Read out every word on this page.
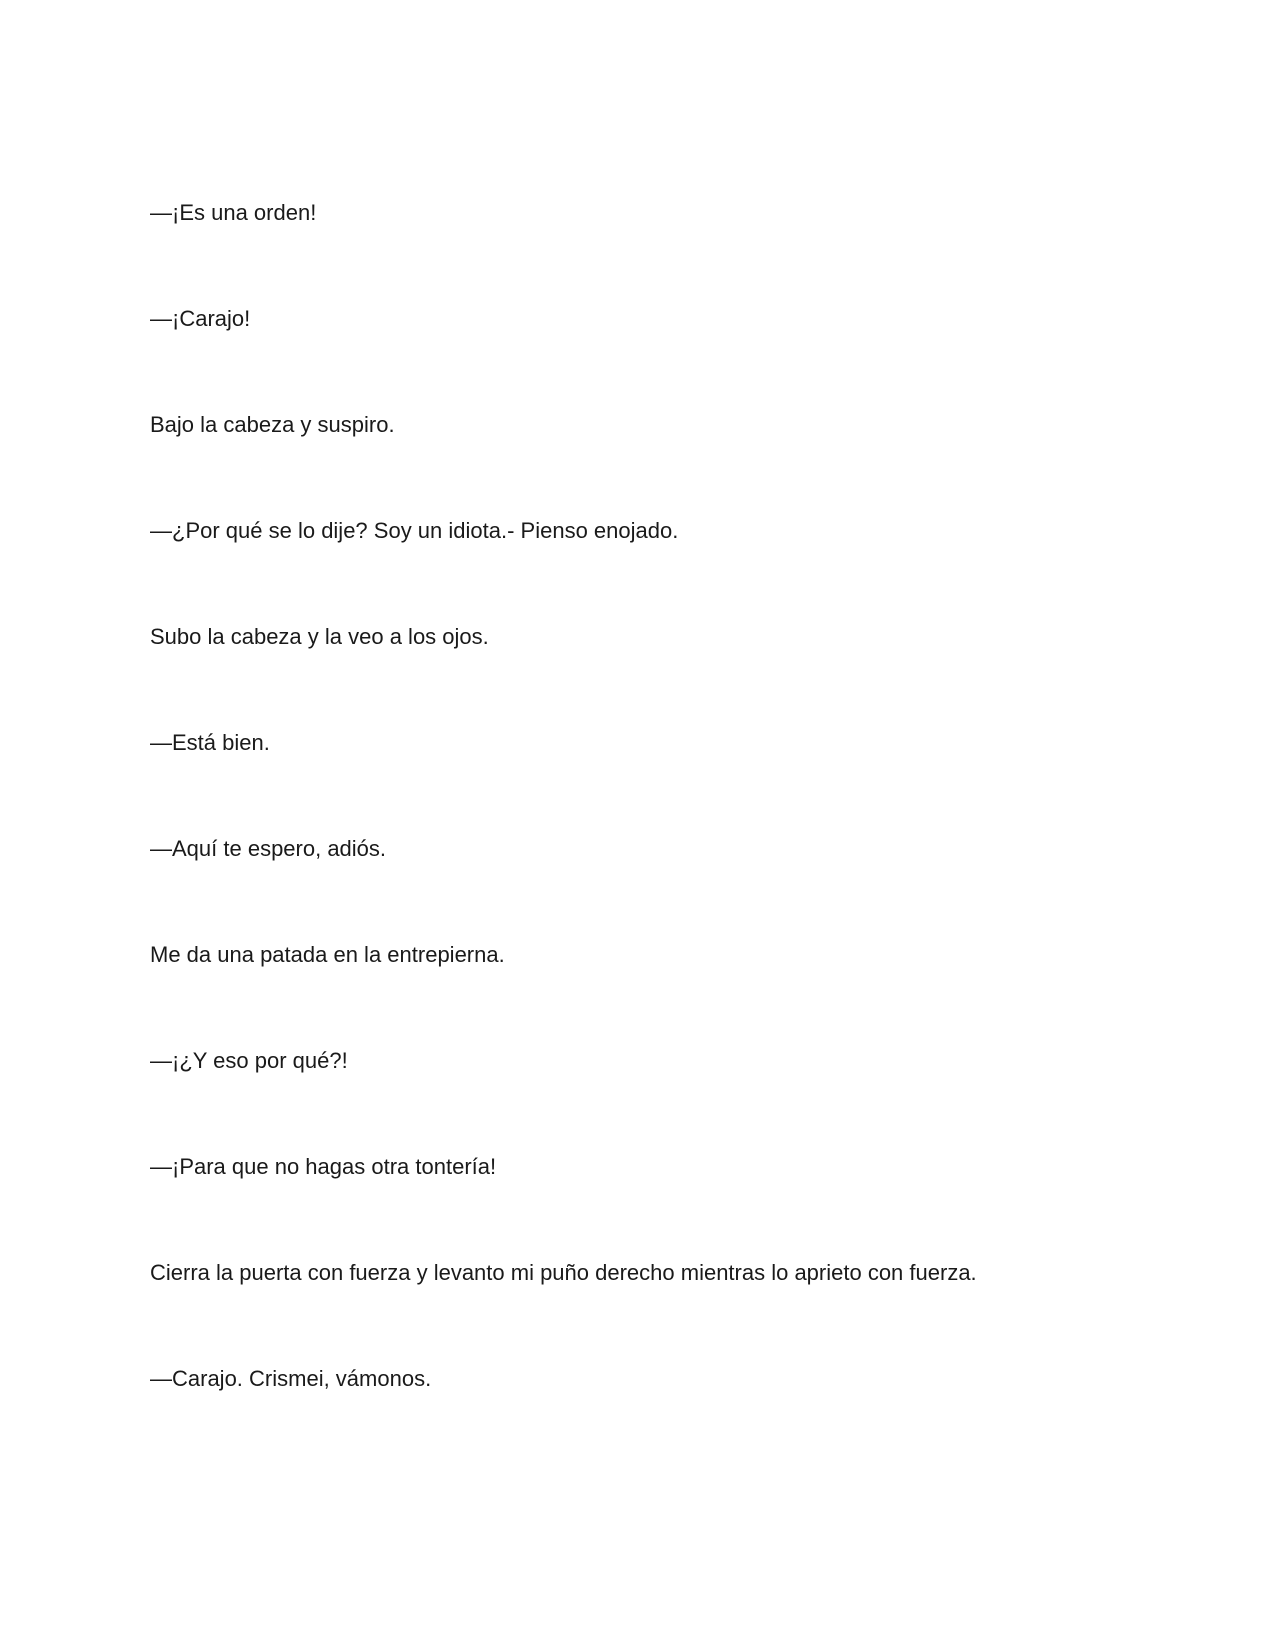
—¡Es una orden!

—¡Carajo!

Bajo la cabeza y suspiro.

—¿Por qué se lo dije? Soy un idiota.- Pienso enojado.

Subo la cabeza y la veo a los ojos.

—Está bien.

—Aquí te espero, adiós.

Me da una patada en la entrepierna.

—¡¿Y eso por qué?!

—¡Para que no hagas otra tontería!

Cierra la puerta con fuerza y levanto mi puño derecho mientras lo aprieto con fuerza.

—Carajo. Crismei, vámonos.
